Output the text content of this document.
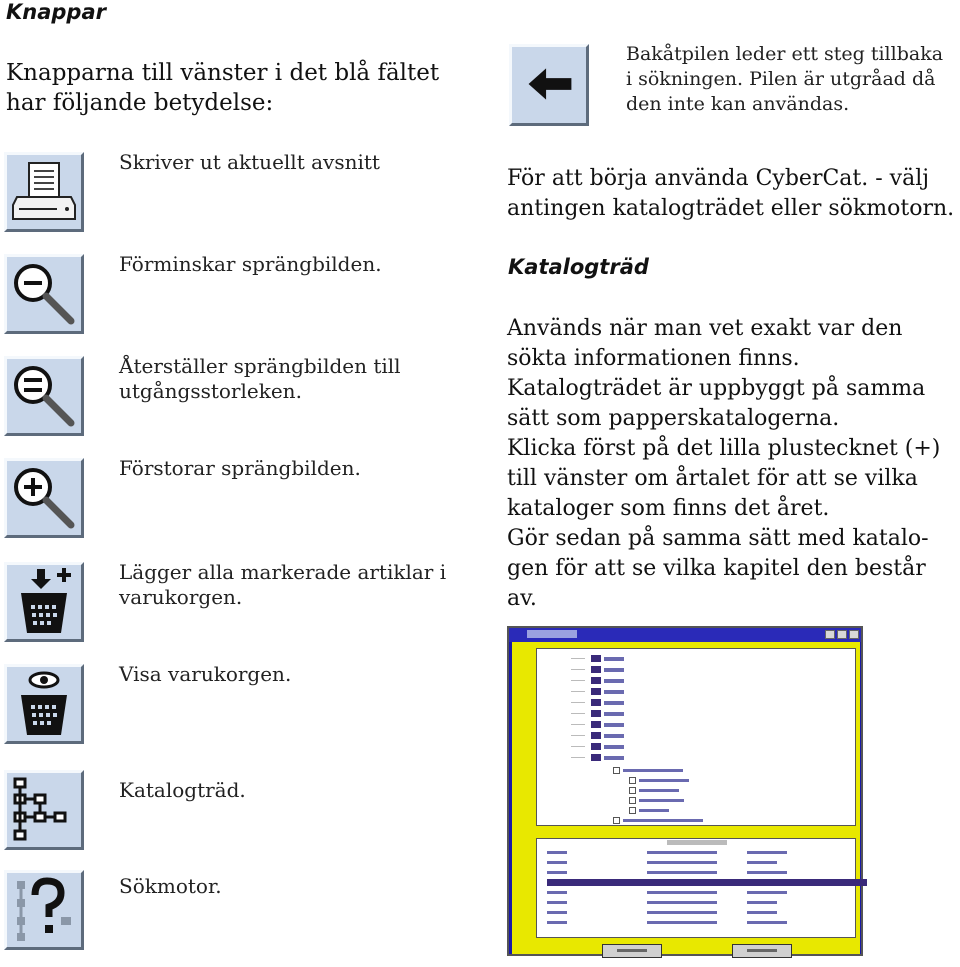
Knappar
Knapparna till vänster i det blå fältet
har följande betydelse:
Skriver ut aktuellt avsnitt
Förminskar sprängbilden.
Återställer sprängbilden till
utgångsstorleken.
Förstorar sprängbilden.
Lägger alla markerade artiklar i
varukorgen.
Visa varukorgen.
Katalogträd.
Sökmotor.
Bakåtpilen leder ett steg tillbaka
i sökningen. Pilen är utgråad då
den inte kan användas.
För att börja använda CyberCat. - välj
antingen katalogträdet eller sökmotorn.
Katalogträd
Används när man vet exakt var den
sökta informationen finns.
Katalogträdet är uppbyggt på samma
sätt som papperskatalogerna.
Klicka först på det lilla plustecknet (+)
till vänster om årtalet för att se vilka
kataloger som finns det året.
Gör sedan på samma sätt med katalo-
gen för att se vilka kapitel den består
av.
